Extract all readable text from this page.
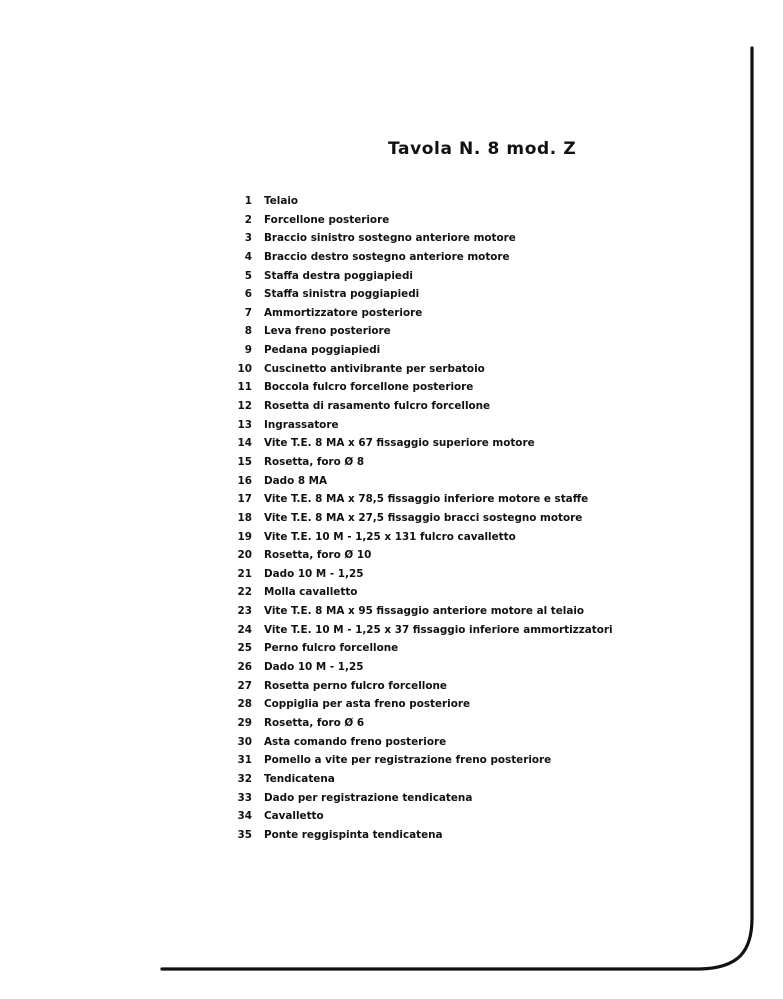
Tavola N. 8 mod. Z
1 Telaio
2 Forcellone posteriore
3 Braccio sinistro sostegno anteriore motore
4 Braccio destro sostegno anteriore motore
5 Staffa destra poggiapiedi
6 Staffa sinistra poggiapiedi
7 Ammortizzatore posteriore
8 Leva freno posteriore
9 Pedana poggiapiedi
10 Cuscinetto antivibrante per serbatoio
11 Boccola fulcro forcellone posteriore
12 Rosetta di rasamento fulcro forcellone
13 Ingrassatore
14 Vite T.E. 8 MA x 67 fissaggio superiore motore
15 Rosetta, foro Ø 8
16 Dado 8 MA
17 Vite T.E. 8 MA x 78,5 fissaggio inferiore motore e staffe
18 Vite T.E. 8 MA x 27,5 fissaggio bracci sostegno motore
19 Vite T.E. 10 M - 1,25 x 131 fulcro cavalletto
20 Rosetta, foro Ø 10
21 Dado 10 M - 1,25
22 Molla cavalletto
23 Vite T.E. 8 MA x 95 fissaggio anteriore motore al telaio
24 Vite T.E. 10 M - 1,25 x 37 fissaggio inferiore ammortizzatori
25 Perno fulcro forcellone
26 Dado 10 M - 1,25
27 Rosetta perno fulcro forcellone
28 Coppiglia per asta freno posteriore
29 Rosetta, foro Ø 6
30 Asta comando freno posteriore
31 Pomello a vite per registrazione freno posteriore
32 Tendicatena
33 Dado per registrazione tendicatena
34 Cavalletto
35 Ponte reggispinta tendicatena
